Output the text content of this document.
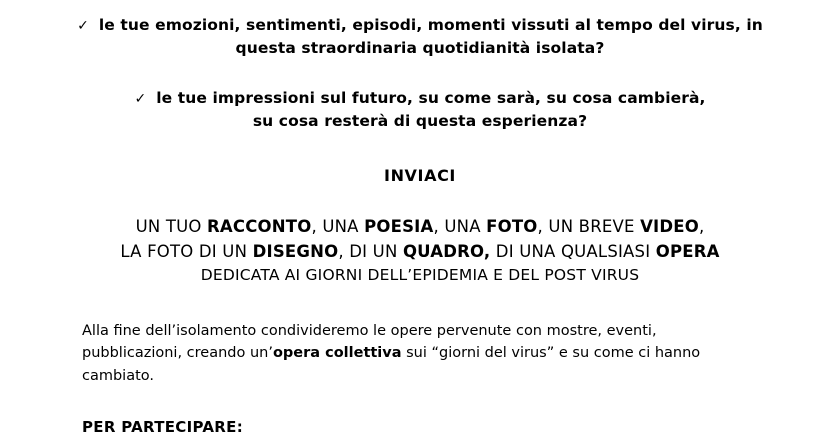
✓ le tue emozioni, sentimenti, episodi, momenti vissuti al tempo del virus, in
questa straordinaria quotidianità isolata?
✓ le tue impressioni sul futuro, su come sarà, su cosa cambierà,
su cosa resterà di questa esperienza?
INVIACI
UN TUO RACCONTO, UNA POESIA, UNA FOTO, UN BREVE VIDEO,
LA FOTO DI UN DISEGNO, DI UN QUADRO, DI UNA QUALSIASI OPERA
DEDICATA AI GIORNI DELL’EPIDEMIA E DEL POST VIRUS
Alla fine dell’isolamento condivideremo le opere pervenute con mostre, eventi, pubblicazioni, creando un’opera collettiva sui “giorni del virus” e su come ci hanno cambiato.
PER PARTECIPARE:
